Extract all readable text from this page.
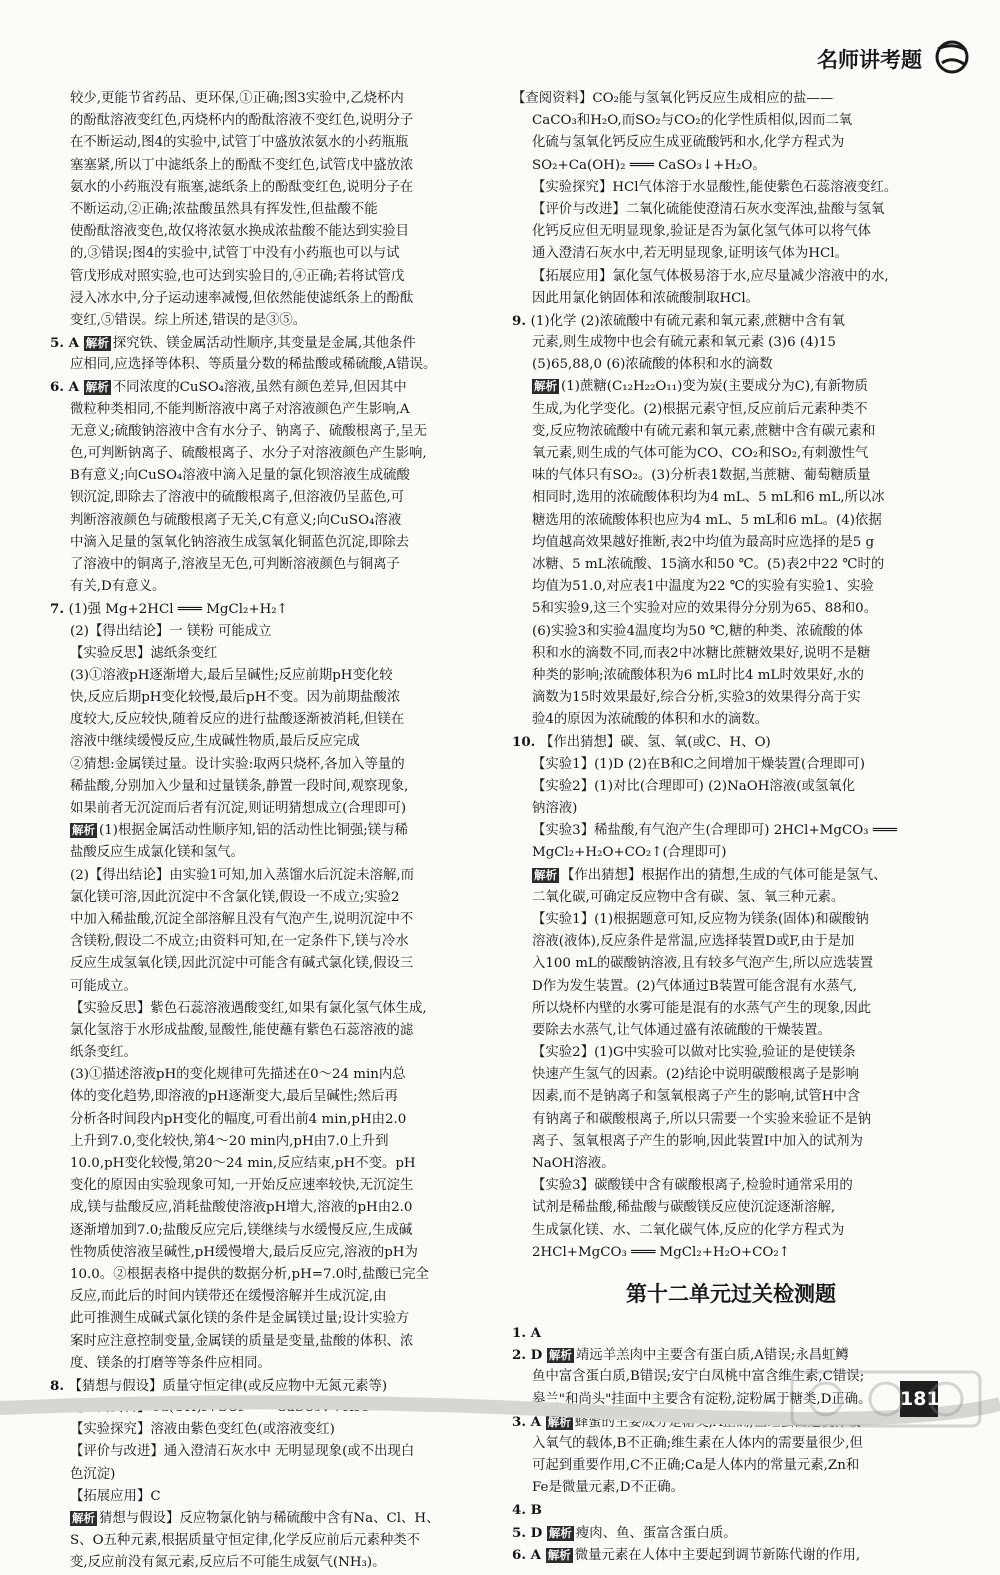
名师讲考题
较少,更能节省药品、更环保,①正确;图3实验中,乙烧杯内
的酚酞溶液变红色,丙烧杯内的酚酞溶液不变红色,说明分子
在不断运动,图4的实验中,试管丁中盛放浓氨水的小药瓶瓶
塞塞紧,所以丁中滤纸条上的酚酞不变红色,试管戊中盛放浓
氨水的小药瓶没有瓶塞,滤纸条上的酚酞变红色,说明分子在
不断运动,②正确;浓盐酸虽然具有挥发性,但盐酸不能
使酚酞溶液变色,故仅将浓氨水换成浓盐酸不能达到实验目
的,③错误;图4的实验中,试管丁中没有小药瓶也可以与试
管戊形成对照实验,也可达到实验目的,④正确;若将试管戊
浸入冰水中,分子运动速率减慢,但依然能使滤纸条上的酚酞
变红,⑤错误。综上所述,错误的是③⑤。
5. A 解析 探究铁、镁金属活动性顺序,其变量是金属,其他条件
应相同,应选择等体积、等质量分数的稀盐酸或稀硫酸,A错误。
6. A 解析 不同浓度的CuSO₄溶液,虽然有颜色差异,但因其中
微粒种类相同,不能判断溶液中离子对溶液颜色产生影响,A
无意义;硫酸钠溶液中含有水分子、钠离子、硫酸根离子,呈无
色,可判断钠离子、硫酸根离子、水分子对溶液颜色产生影响,
B有意义;向CuSO₄溶液中滴入足量的氯化钡溶液生成硫酸
钡沉淀,即除去了溶液中的硫酸根离子,但溶液仍呈蓝色,可
判断溶液颜色与硫酸根离子无关,C有意义;向CuSO₄溶液
中滴入足量的氢氧化钠溶液生成氢氧化铜蓝色沉淀,即除去
了溶液中的铜离子,溶液呈无色,可判断溶液颜色与铜离子
有关,D有意义。
7. (1)强 Mg+2HCl ═══ MgCl₂+H₂↑
(2)【得出结论】一 镁粉 可能成立
【实验反思】滤纸条变红
(3)①溶液pH逐渐增大,最后呈碱性;反应前期pH变化较
快,反应后期pH变化较慢,最后pH不变。因为前期盐酸浓
度较大,反应较快,随着反应的进行盐酸逐渐被消耗,但镁在
溶液中继续缓慢反应,生成碱性物质,最后反应完成
②猜想:金属镁过量。设计实验:取两只烧杯,各加入等量的
稀盐酸,分别加入少量和过量镁条,静置一段时间,观察现象,
如果前者无沉淀而后者有沉淀,则证明猜想成立(合理即可)
解析 (1)根据金属活动性顺序知,铝的活动性比铜强;镁与稀
盐酸反应生成氯化镁和氢气。
(2)【得出结论】由实验1可知,加入蒸馏水后沉淀未溶解,而
氯化镁可溶,因此沉淀中不含氯化镁,假设一不成立;实验2
中加入稀盐酸,沉淀全部溶解且没有气泡产生,说明沉淀中不
含镁粉,假设二不成立;由资料可知,在一定条件下,镁与冷水
反应生成氢氧化镁,因此沉淀中可能含有碱式氯化镁,假设三
可能成立。
【实验反思】紫色石蕊溶液遇酸变红,如果有氯化氢气体生成,
氯化氢溶于水形成盐酸,显酸性,能使蘸有紫色石蕊溶液的滤
纸条变红。
(3)①描述溶液pH的变化规律可先描述在0～24 min内总
体的变化趋势,即溶液的pH逐渐变大,最后呈碱性;然后再
分析各时间段内pH变化的幅度,可看出前4 min,pH由2.0
上升到7.0,变化较快,第4～20 min内,pH由7.0上升到
10.0,pH变化较慢,第20～24 min,反应结束,pH不变。pH
变化的原因由实验现象可知,一开始反应速率较快,无沉淀生
成,镁与盐酸反应,消耗盐酸使溶液pH增大,溶液的pH由2.0
逐渐增加到7.0;盐酸反应完后,镁继续与水缓慢反应,生成碱
性物质使溶液呈碱性,pH缓慢增大,最后反应完,溶液的pH为
10.0。②根据表格中提供的数据分析,pH=7.0时,盐酸已完全
反应,而此后的时间内镁带还在缓慢溶解并生成沉淀,由
此可推测生成碱式氯化镁的条件是金属镁过量;设计实验方
案时应注意控制变量,金属镁的质量是变量,盐酸的体积、浓
度、镁条的打磨等等条件应相同。
8. 【猜想与假设】质量守恒定律(或反应物中无氮元素等)
【查阅资料】Ca(OH)₂+SO₂ ═══ CaSO₃↓+H₂O
【实验探究】溶液由紫色变红色(或溶液变红)
【评价与改进】通入澄清石灰水中 无明显现象(或不出现白
色沉淀)
【拓展应用】C
解析 猜想与假设】反应物氯化钠与稀硫酸中含有Na、Cl、H、
S、O五种元素,根据质量守恒定律,化学反应前后元素种类不
变,反应前没有氮元素,反应后不可能生成氨气(NH₃)。
【查阅资料】CO₂能与氢氧化钙反应生成相应的盐——
CaCO₃和H₂O,而SO₂与CO₂的化学性质相似,因而二氧
化硫与氢氧化钙反应生成亚硫酸钙和水,化学方程式为
SO₂+Ca(OH)₂ ═══ CaSO₃↓+H₂O。
【实验探究】HCl气体溶于水显酸性,能使紫色石蕊溶液变红。
【评价与改进】二氧化硫能使澄清石灰水变浑浊,盐酸与氢氧
化钙反应但无明显现象,验证是否为氯化氢气体可以将气体
通入澄清石灰水中,若无明显现象,证明该气体为HCl。
【拓展应用】氯化氢气体极易溶于水,应尽量减少溶液中的水,
因此用氯化钠固体和浓硫酸制取HCl。
9. (1)化学 (2)浓硫酸中有硫元素和氧元素,蔗糖中含有氧
元素,则生成物中也会有硫元素和氧元素 (3)6 (4)15
(5)65,88,0 (6)浓硫酸的体积和水的滴数
解析 (1)蔗糖(C₁₂H₂₂O₁₁)变为炭(主要成分为C),有新物质
生成,为化学变化。(2)根据元素守恒,反应前后元素种类不
变,反应物浓硫酸中有硫元素和氧元素,蔗糖中含有碳元素和
氧元素,则生成的气体可能为CO、CO₂和SO₂,有刺激性气
味的气体只有SO₂。(3)分析表1数据,当蔗糖、葡萄糖质量
相同时,选用的浓硫酸体积均为4 mL、5 mL和6 mL,所以冰
糖选用的浓硫酸体积也应为4 mL、5 mL和6 mL。(4)依据
均值越高效果越好推断,表2中均值为最高时应选择的是5 g
冰糖、5 mL浓硫酸、15滴水和50 ℃。(5)表2中22 ℃时的
均值为51.0,对应表1中温度为22 ℃的实验有实验1、实验
5和实验9,这三个实验对应的效果得分分别为65、88和0。
(6)实验3和实验4温度均为50 ℃,糖的种类、浓硫酸的体
积和水的滴数不同,而表2中冰糖比蔗糖效果好,说明不是糖
种类的影响;浓硫酸体积为6 mL时比4 mL时效果好,水的
滴数为15时效果最好,综合分析,实验3的效果得分高于实
验4的原因为浓硫酸的体积和水的滴数。
10. 【作出猜想】碳、氢、氧(或C、H、O)
【实验1】(1)D (2)在B和C之间增加干燥装置(合理即可)
【实验2】(1)对比(合理即可) (2)NaOH溶液(或氢氧化
钠溶液)
【实验3】稀盐酸,有气泡产生(合理即可) 2HCl+MgCO₃ ═══
MgCl₂+H₂O+CO₂↑(合理即可)
解析 【作出猜想】根据作出的猜想,生成的气体可能是氢气、
二氧化碳,可确定反应物中含有碳、氢、氧三种元素。
【实验1】(1)根据题意可知,反应物为镁条(固体)和碳酸钠
溶液(液体),反应条件是常温,应选择装置D或F,由于是加
入100 mL的碳酸钠溶液,且有较多气泡产生,所以应选装置
D作为发生装置。(2)气体通过B装置可能含混有水蒸气,
所以烧杯内壁的水雾可能是混有的水蒸气产生的现象,因此
要除去水蒸气,让气体通过盛有浓硫酸的干燥装置。
【实验2】(1)G中实验可以做对比实验,验证的是使镁条
快速产生氢气的因素。(2)结论中说明碳酸根离子是影响
因素,而不是钠离子和氢氧根离子产生的影响,试管H中含
有钠离子和碳酸根离子,所以只需要一个实验来验证不是钠
离子、氢氧根离子产生的影响,因此装置I中加入的试剂为
NaOH溶液。
【实验3】碳酸镁中含有碳酸根离子,检验时通常采用的
试剂是稀盐酸,稀盐酸与碳酸镁反应使沉淀逐渐溶解,
生成氯化镁、水、二氧化碳气体,反应的化学方程式为
2HCl+MgCO₃ ═══ MgCl₂+H₂O+CO₂↑
第十二单元过关检测题
1. A
2. D 解析 靖远羊羔肉中主要含有蛋白质,A错误;永昌虹鳟
鱼中富含蛋白质,B错误;安宁白凤桃中富含维生素,C错误;
皋兰"和尚头"挂面中主要含有淀粉,淀粉属于糖类,D正确。
3. A 解析 蜂蜜的主要成分是糖类,A正确;血红蛋白是机体吸
入氧气的载体,B不正确;维生素在人体内的需要量很少,但
可起到重要作用,C不正确;Ca是人体内的常量元素,Zn和
Fe是微量元素,D不正确。
4. B
5. D 解析 瘦肉、鱼、蛋富含蛋白质。
6. A 解析 微量元素在人体中主要起到调节新陈代谢的作用,
181
